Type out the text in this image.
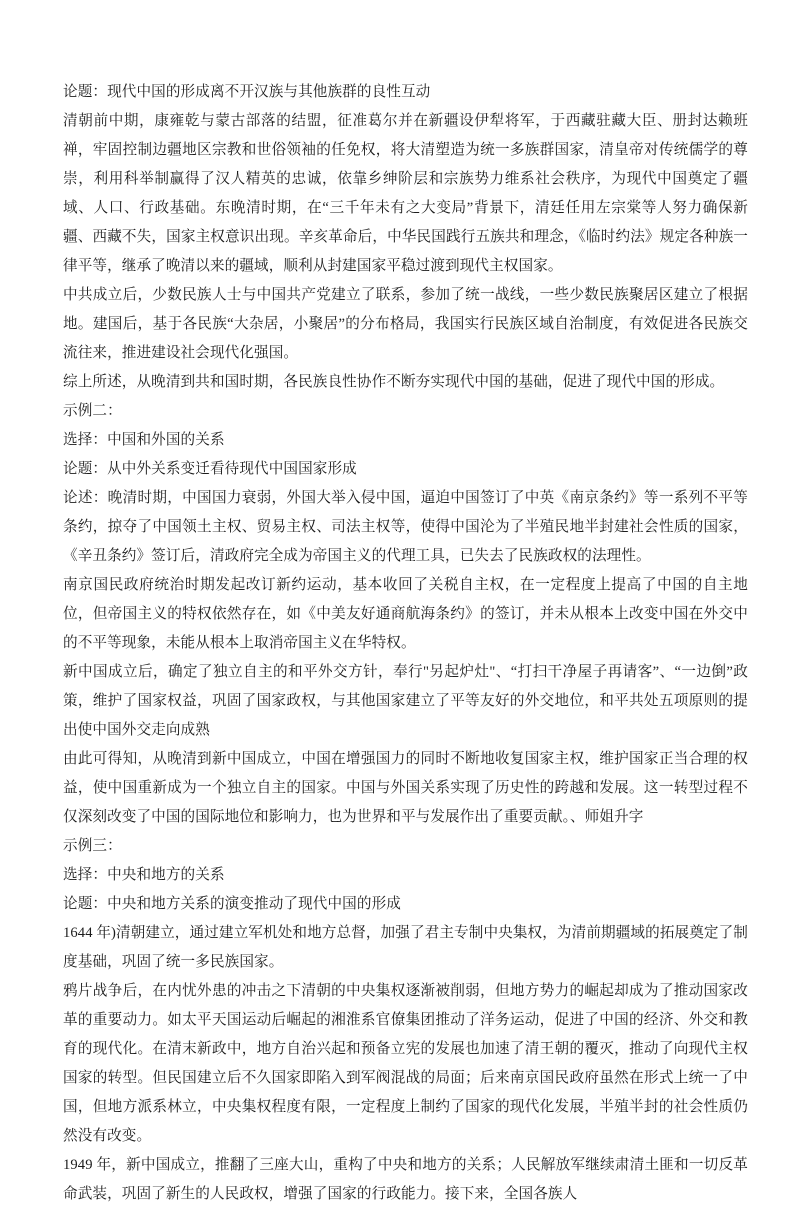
论题：现代中国的形成离不开汉族与其他族群的良性互动

清朝前中期，康雍乾与蒙古部落的结盟，征准葛尔并在新疆设伊犁将军，于西藏驻藏大臣、册封达赖班禅，牢固控制边疆地区宗教和世俗领袖的任免权，将大清塑造为统一多族群国家，清皇帝对传统儒学的尊崇，利用科举制赢得了汉人精英的忠诚，依靠乡绅阶层和宗族势力维系社会秩序，为现代中国奠定了疆域、人口、行政基础。东晚清时期，在“三千年未有之大变局”背景下，清廷任用左宗棠等人努力确保新疆、西藏不失，国家主权意识出现。辛亥革命后，中华民国践行五族共和理念，《临时约法》规定各种族一律平等，继承了晚清以来的疆域，顺利从封建国家平稳过渡到现代主权国家。

中共成立后，少数民族人士与中国共产党建立了联系，参加了统一战线，一些少数民族聚居区建立了根据地。建国后，基于各民族“大杂居，小聚居”的分布格局，我国实行民族区域自治制度，有效促进各民族交流往来，推进建设社会现代化强国。

综上所述，从晚清到共和国时期，各民族良性协作不断夯实现代中国的基础，促进了现代中国的形成。

示例二：

选择：中国和外国的关系

论题：从中外关系变迁看待现代中国国家形成

论述：晚清时期，中国国力衰弱，外国大举入侵中国，逼迫中国签订了中英《南京条约》等一系列不平等条约，掠夺了中国领土主权、贸易主权、司法主权等，使得中国沦为了半殖民地半封建社会性质的国家，《辛丑条约》签订后，清政府完全成为帝国主义的代理工具，已失去了民族政权的法理性。

南京国民政府统治时期发起改订新约运动，基本收回了关税自主权，在一定程度上提高了中国的自主地位，但帝国主义的特权依然存在，如《中美友好通商航海条约》的签订，并未从根本上改变中国在外交中的不平等现象，未能从根本上取消帝国主义在华特权。

新中国成立后，确定了独立自主的和平外交方针，奉行"另起炉灶"、“打扫干净屋子再请客”、“一边倒”政策，维护了国家权益，巩固了国家政权，与其他国家建立了平等友好的外交地位，和平共处五项原则的提出使中国外交走向成熟

由此可得知，从晚清到新中国成立，中国在增强国力的同时不断地收复国家主权，维护国家正当合理的权益，使中国重新成为一个独立自主的国家。中国与外国关系实现了历史性的跨越和发展。这一转型过程不仅深刻改变了中国的国际地位和影响力，也为世界和平与发展作出了重要贡献。、师姐升字

示例三：

选择：中央和地方的关系

论题：中央和地方关系的演变推动了现代中国的形成

1644 年)清朝建立，通过建立军机处和地方总督，加强了君主专制中央集权，为清前期疆域的拓展奠定了制度基础，巩固了统一多民族国家。

鸦片战争后，在内忧外患的冲击之下清朝的中央集权逐渐被削弱，但地方势力的崛起却成为了推动国家改革的重要动力。如太平天国运动后崛起的湘淮系官僚集团推动了洋务运动，促进了中国的经济、外交和教育的现代化。在清末新政中，地方自治兴起和预备立宪的发展也加速了清王朝的覆灭，推动了向现代主权国家的转型。但民国建立后不久国家即陷入到军阀混战的局面；后来南京国民政府虽然在形式上统一了中国，但地方派系林立，中央集权程度有限，一定程度上制约了国家的现代化发展，半殖半封的社会性质仍然没有改变。

1949 年，新中国成立，推翻了三座大山，重构了中央和地方的关系；人民解放军继续肃清土匪和一切反革命武装，巩固了新生的人民政权，增强了国家的行政能力。接下来，全国各族人
